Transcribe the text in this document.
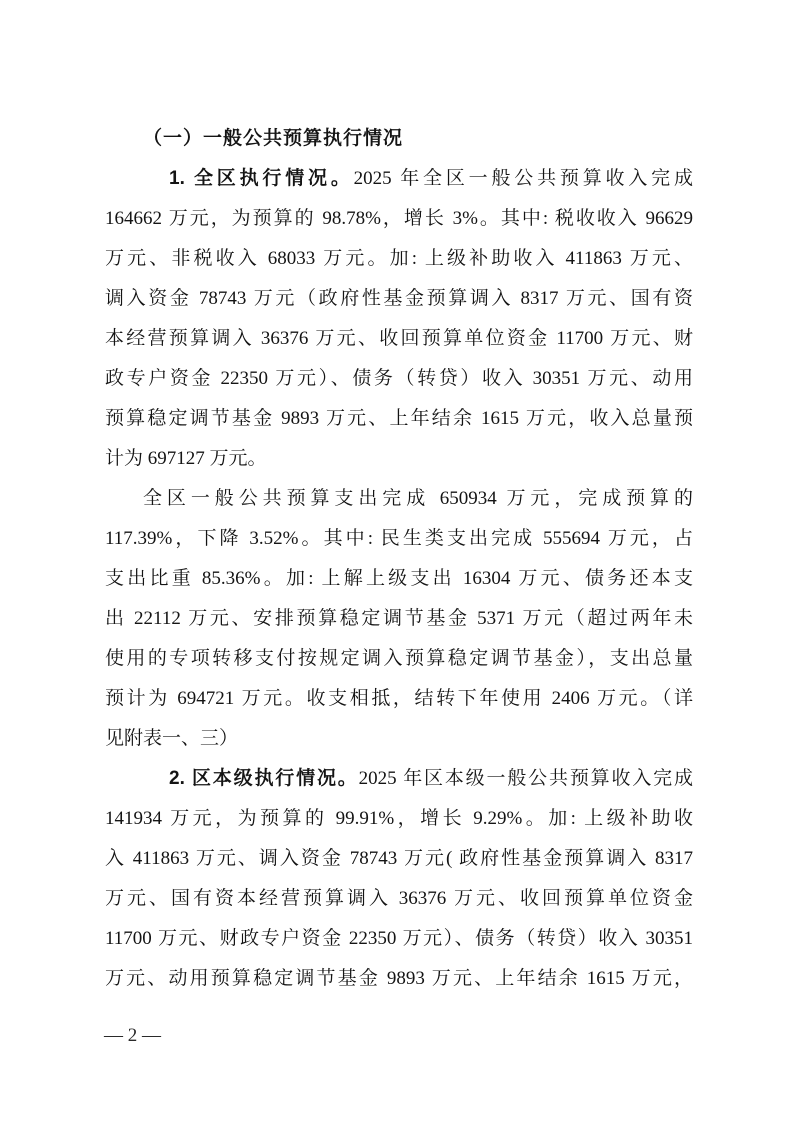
（一）一般公共预算执行情况
1. 全区执行情况。2025 年全区一般公共预算收入完成
164662 万元，为预算的 98.78%，增长 3%。其中: 税收收入 96629
万元、非税收入 68033 万元。加: 上级补助收入 411863 万元、
调入资金 78743 万元（政府性基金预算调入 8317 万元、国有资
本经营预算调入 36376 万元、收回预算单位资金 11700 万元、财
政专户资金 22350 万元）、债务（转贷）收入 30351 万元、动用
预算稳定调节基金 9893 万元、上年结余 1615 万元，收入总量预
计为 697127 万元。
全区一般公共预算支出完成 650934 万元，完成预算的
117.39%，下降 3.52%。其中: 民生类支出完成 555694 万元，占
支出比重 85.36%。加: 上解上级支出 16304 万元、债务还本支
出 22112 万元、安排预算稳定调节基金 5371 万元（超过两年未
使用的专项转移支付按规定调入预算稳定调节基金），支出总量
预计为 694721 万元。收支相抵，结转下年使用 2406 万元。（详
见附表一、三）
2. 区本级执行情况。2025 年区本级一般公共预算收入完成
141934 万元，为预算的 99.91%，增长 9.29%。加: 上级补助收
入 411863 万元、调入资金 78743 万元( 政府性基金预算调入 8317
万元、国有资本经营预算调入 36376 万元、收回预算单位资金
11700 万元、财政专户资金 22350 万元）、债务（转贷）收入 30351
万元、动用预算稳定调节基金 9893 万元、上年结余 1615 万元，
— 2 —
